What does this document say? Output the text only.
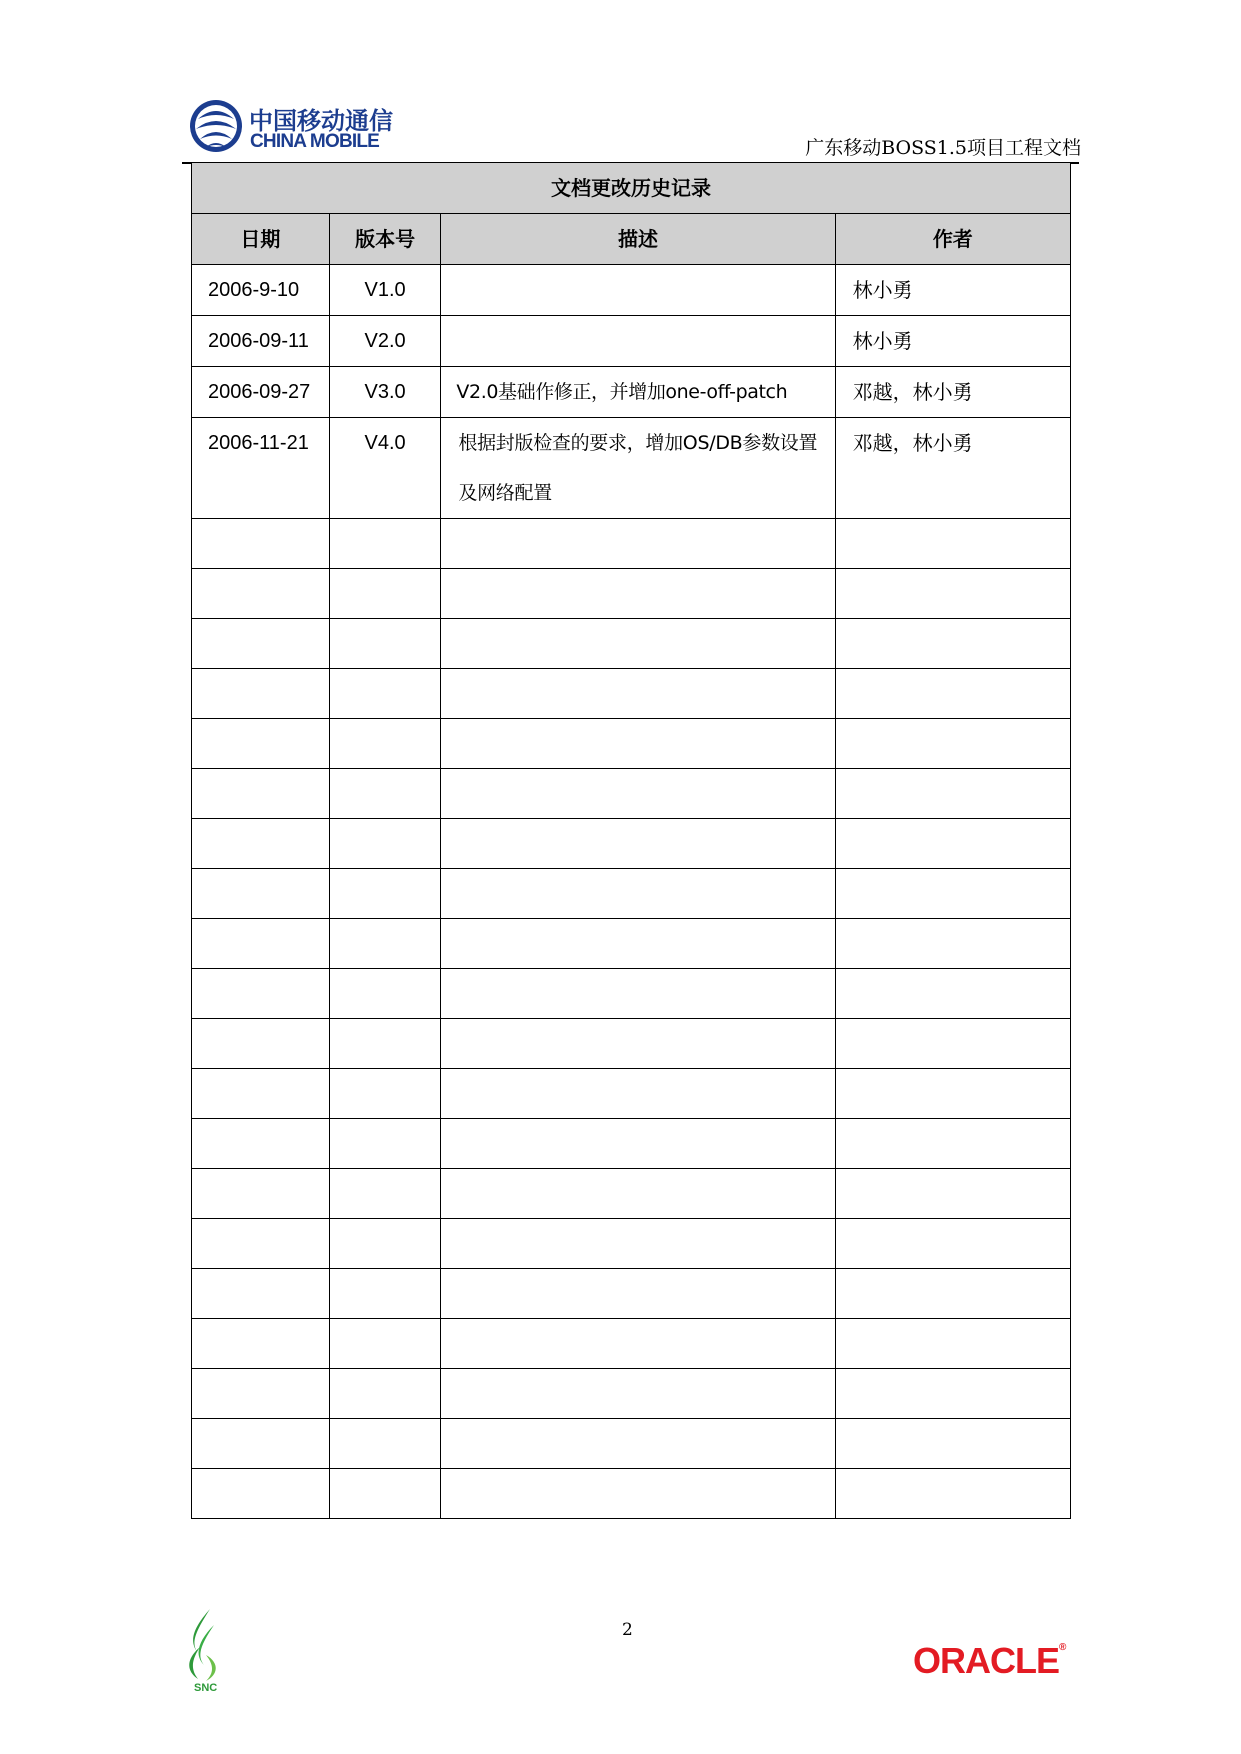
中国移动通信
CHINA MOBILE	广东移动BOSS1.5项目工程文档
文档更改历史记录			
日期	版本号	描述	作者
2006-9-10	V1.0		林小勇
2006-09-11	V2.0		林小勇
2006-09-27	V3.0	V2.0基础作修正，并增加one-off-patch	邓越，林小勇
2006-11-21	V4.0	根据封版检查的要求，增加OS/DB参数设置及网络配置	邓越，林小勇

SNC
2
ORACLE®
